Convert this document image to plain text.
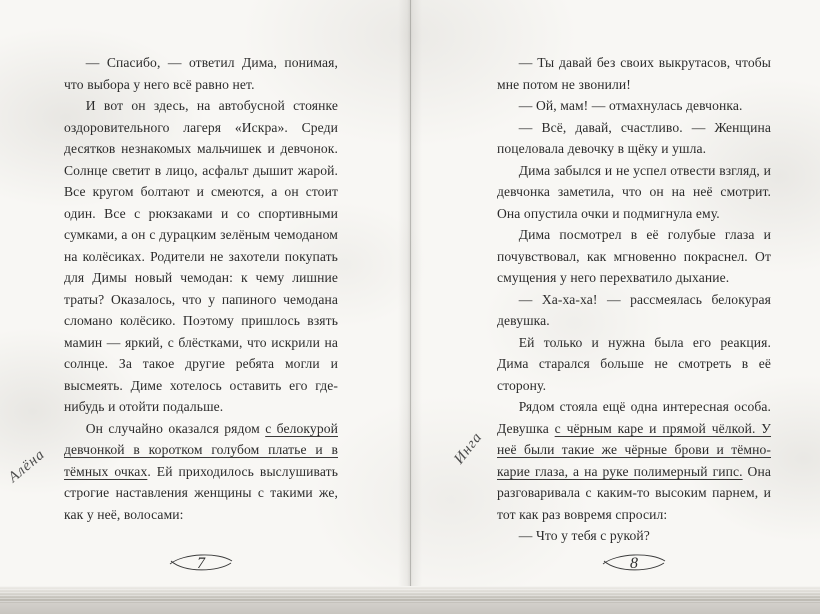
— Спасибо, — ответил Дима, понимая, что выбора у него всё равно нет.

И вот он здесь, на автобусной стоянке оздоровительного лагеря «Искра». Среди десятков незнакомых мальчишек и девчонок. Солнце светит в лицо, асфальт дышит жарой. Все кругом болтают и смеются, а он стоит один. Все с рюкзаками и со спортивными сумками, а он с дурацким зелёным чемоданом на колёсиках. Родители не захотели покупать для Димы новый чемодан: к чему лишние траты? Оказалось, что у папиного чемодана сломано колёсико. Поэтому пришлось взять мамин — яркий, с блёстками, что искрили на солнце. За такое другие ребята могли и высмеять. Диме хотелось оставить его где-нибудь и отойти подальше.

Он случайно оказался рядом с белокурой девчонкой в коротком голубом платье и в тёмных очках. Ей приходилось выслушивать строгие наставления женщины с такими же, как у неё, волосами:

— Ты давай без своих выкрутасов, чтобы мне потом не звонили!

— Ой, мам! — отмахнулась девчонка.

— Всё, давай, счастливо. — Женщина поцеловала девочку в щёку и ушла.

Дима забылся и не успел отвести взгляд, и девчонка заметила, что он на неё смотрит. Она опустила очки и подмигнула ему.

Дима посмотрел в её голубые глаза и почувствовал, как мгновенно покраснел. От смущения у него перехватило дыхание.

— Ха-ха-ха! — рассмеялась белокурая девушка.

Ей только и нужна была его реакция. Дима старался больше не смотреть в её сторону.

Рядом стояла ещё одна интересная особа. Девушка с чёрным каре и прямой чёлкой. У неё были такие же чёрные брови и тёмно-карие глаза, а на руке полимерный гипс. Она разговаривала с каким-то высоким парнем, и тот как раз вовремя спросил:

— Что у тебя с рукой?

Алёна	Инга
7	8
